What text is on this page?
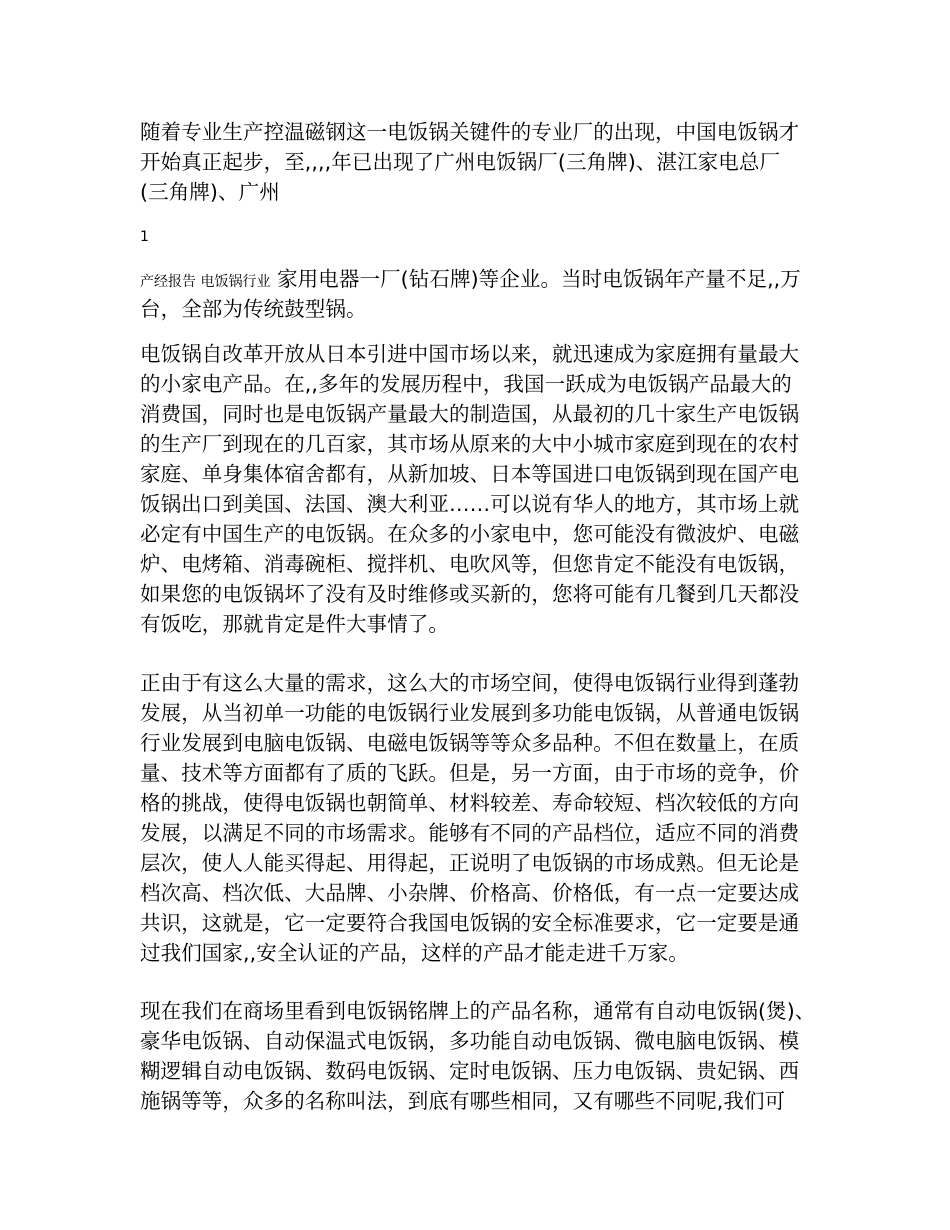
随着专业生产控温磁钢这一电饭锅关键件的专业厂的出现，中国电饭锅才
开始真正起步，至,,,,年已出现了广州电饭锅厂(三角牌)、湛江家电总厂
(三角牌)、广州

1

产经报告 电饭锅行业 家用电器一厂(钻石牌)等企业。当时电饭锅年产量不足,,万
台，全部为传统鼓型锅。
电饭锅自改革开放从日本引进中国市场以来，就迅速成为家庭拥有量最大
的小家电产品。在,,多年的发展历程中，我国一跃成为电饭锅产品最大的
消费国，同时也是电饭锅产量最大的制造国，从最初的几十家生产电饭锅
的生产厂到现在的几百家，其市场从原来的大中小城市家庭到现在的农村
家庭、单身集体宿舍都有，从新加坡、日本等国进口电饭锅到现在国产电
饭锅出口到美国、法国、澳大利亚……可以说有华人的地方，其市场上就
必定有中国生产的电饭锅。在众多的小家电中，您可能没有微波炉、电磁
炉、电烤箱、消毒碗柜、搅拌机、电吹风等，但您肯定不能没有电饭锅，
如果您的电饭锅坏了没有及时维修或买新的，您将可能有几餐到几天都没
有饭吃，那就肯定是件大事情了。
正由于有这么大量的需求，这么大的市场空间，使得电饭锅行业得到蓬勃
发展，从当初单一功能的电饭锅行业发展到多功能电饭锅，从普通电饭锅
行业发展到电脑电饭锅、电磁电饭锅等等众多品种。不但在数量上，在质
量、技术等方面都有了质的飞跃。但是，另一方面，由于市场的竞争，价
格的挑战，使得电饭锅也朝简单、材料较差、寿命较短、档次较低的方向
发展，以满足不同的市场需求。能够有不同的产品档位，适应不同的消费
层次，使人人能买得起、用得起，正说明了电饭锅的市场成熟。但无论是
档次高、档次低、大品牌、小杂牌、价格高、价格低，有一点一定要达成
共识，这就是，它一定要符合我国电饭锅的安全标准要求，它一定要是通
过我们国家,,安全认证的产品，这样的产品才能走进千万家。
现在我们在商场里看到电饭锅铭牌上的产品名称，通常有自动电饭锅(煲)、
豪华电饭锅、自动保温式电饭锅，多功能自动电饭锅、微电脑电饭锅、模
糊逻辑自动电饭锅、数码电饭锅、定时电饭锅、压力电饭锅、贵妃锅、西
施锅等等，众多的名称叫法，到底有哪些相同，又有哪些不同呢,我们可
